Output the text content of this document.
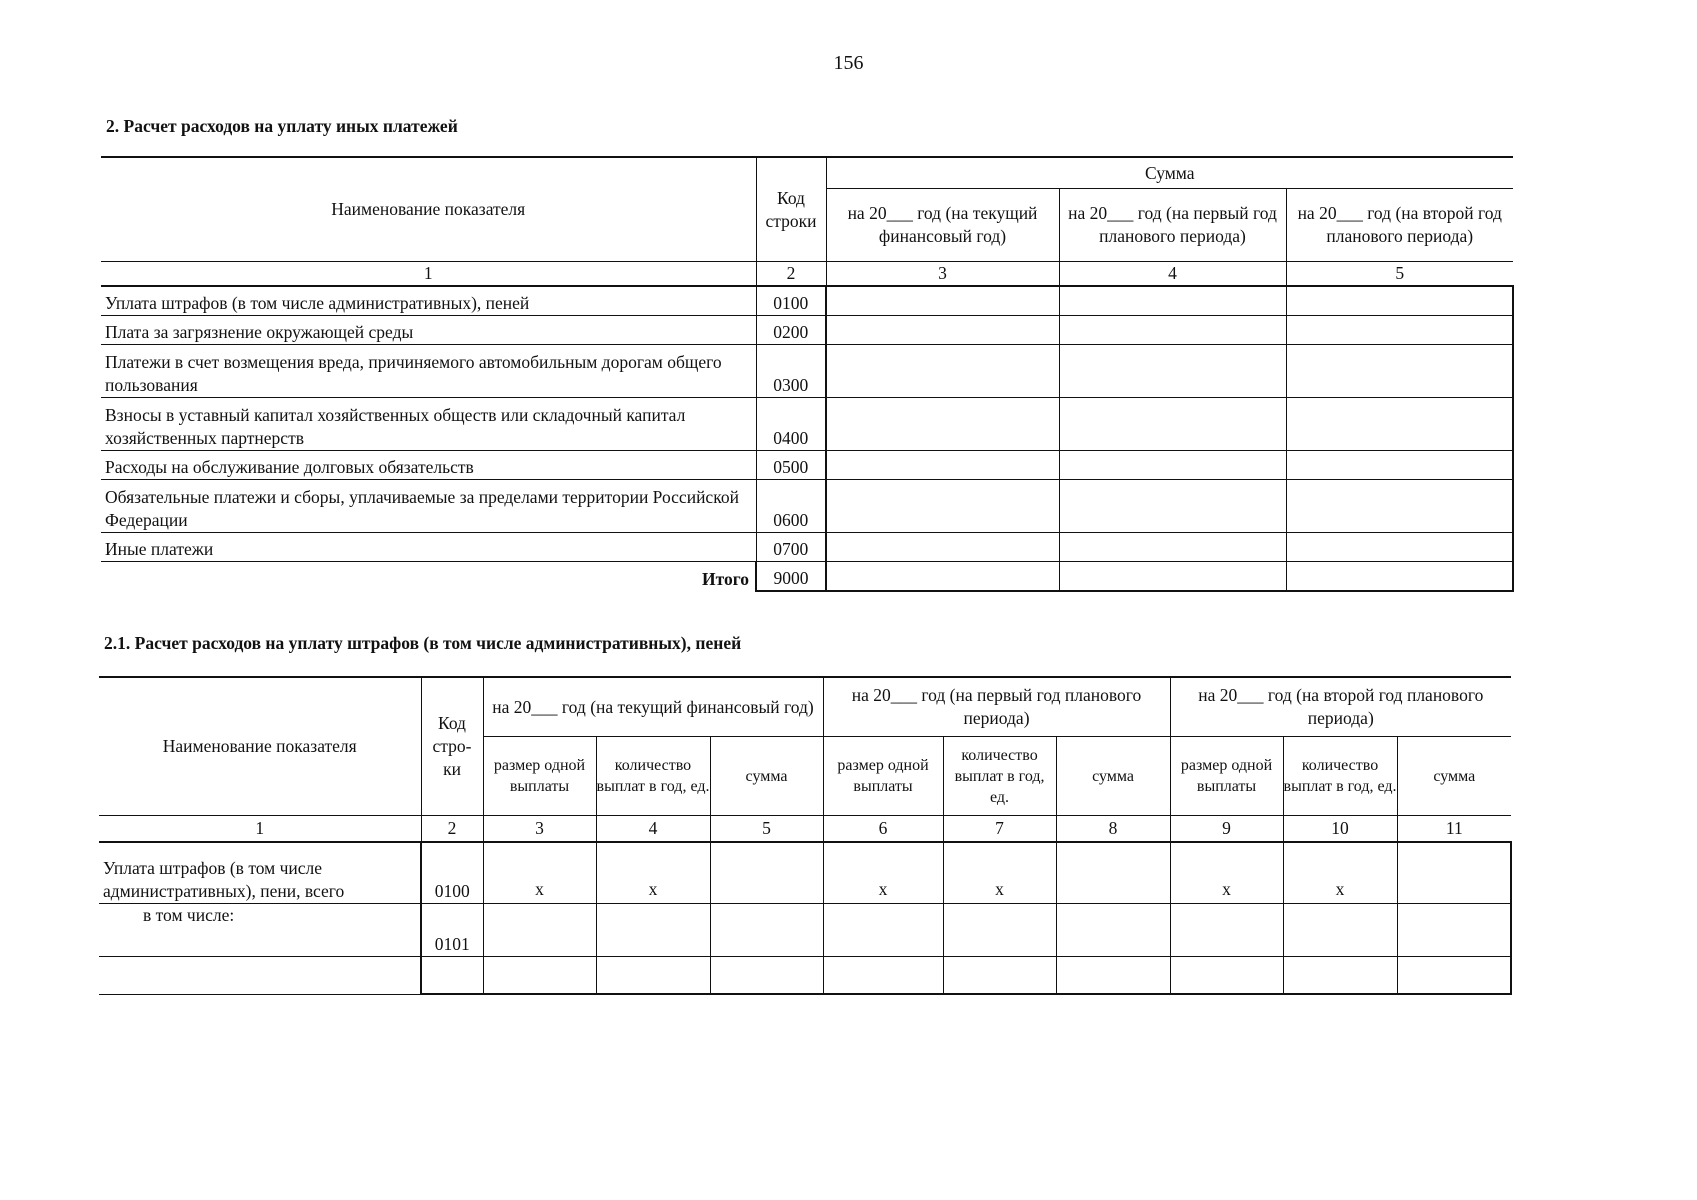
156
2. Расчет расходов на уплату иных платежей
Наименование показателя	Код строки	Сумма		
		на 20___ год (на текущий финансовый год)	на 20___ год (на первый год планового периода)	на 20___ год (на второй год планового периода)
1	2	3	4	5
Уплата штрафов (в том числе административных), пеней	0100			
Плата за загрязнение окружающей среды	0200			
Платежи в счет возмещения вреда, причиняемого автомобильным дорогам общего пользования	0300			
Взносы в уставный капитал хозяйственных обществ или складочный капитал хозяйственных партнерств	0400			
Расходы на обслуживание долговых обязательств	0500			
Обязательные платежи и сборы, уплачиваемые за пределами территории Российской Федерации	0600			
Иные платежи	0700			
Итого	9000			
2.1. Расчет расходов на уплату штрафов (в том числе административных), пеней
Наименование показателя	Код стро- ки	на 20___ год (на текущий финансовый год)			на 20___ год (на первый год планового периода)			на 20___ год (на второй год планового периода)		
		размер одной выплаты	количество выплат в год, ед.	сумма	размер одной выплаты	количество выплат в год, ед.	сумма	размер одной выплаты	количество выплат в год, ед.	сумма
1	2	3	4	5	6	7	8	9	10	11
Уплата штрафов (в том числе административных), пени, всего	0100	х	х		х	х		х	х	
в том числе:	0101									
